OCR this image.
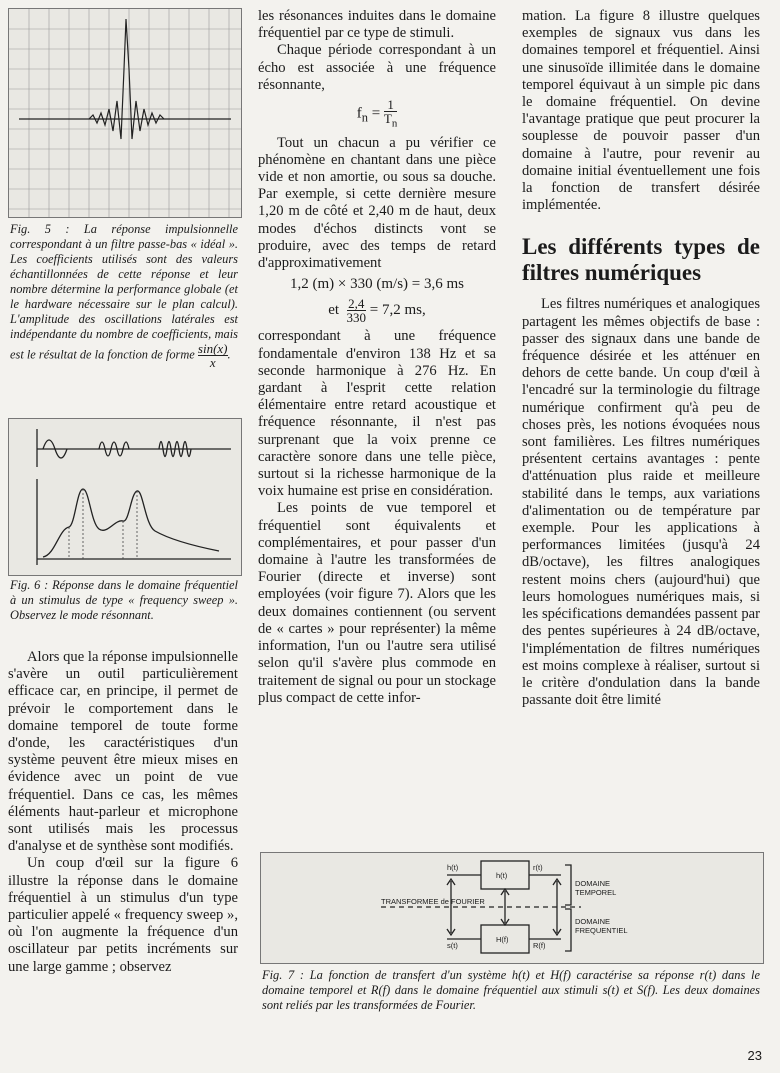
Fig. 5 : La réponse impulsionnelle correspondant à un filtre passe-bas « idéal ». Les coefficients utilisés sont des valeurs échantillonnées de cette réponse et leur nombre détermine la performance globale (et le hardware nécessaire sur le plan calcul). L'amplitude des oscillations latérales est indépendante du nombre de coefficients, mais est le résultat de la fonction de forme $\frac{\sin(x)}{x}$ .
Fig. 6 : Réponse dans le domaine fréquentiel à un stimulus de type « frequency sweep ». Observez le mode résonnant.

Alors que la réponse impulsionnelle s'avère un outil particulièrement efficace car, en principe, il permet de prévoir le comportement dans le domaine temporel de toute forme d'onde, les caractéristiques d'un système peuvent être mieux mises en évidence avec un point de vue fréquentiel. Dans ce cas, les mêmes éléments haut-parleur et microphone sont utilisés mais les processus d'analyse et de synthèse sont modifiés.

Un coup d'œil sur la figure 6 illustre la réponse dans le domaine fréquentiel à un stimulus d'un type particulier appelé « frequency sweep », où l'on augmente la fréquence d'un oscillateur par petits incréments sur une large gamme ; observez

les résonances induites dans le domaine fréquentiel par ce type de stimuli.

Chaque période correspondant à un écho est associée à une fréquence résonnante,

$f_n = \frac{1}{T_n}$

Tout un chacun a pu vérifier ce phénomène en chantant dans une pièce vide et non amortie, ou sous sa douche. Par exemple, si cette dernière mesure 1,20 m de côté et 2,40 m de haut, deux modes d'échos distincts vont se produire, avec des temps de retard d'approximativement

1,2 (m) × 330 (m/s) = 3,6 ms
et $\frac{2,4}{330} = 7,2$ ms,

correspondant à une fréquence fondamentale d'environ 138 Hz et sa seconde harmonique à 276 Hz. En gardant à l'esprit cette relation élémentaire entre retard acoustique et fréquence résonnante, il n'est pas surprenant que la voix prenne ce caractère sonore dans une telle pièce, surtout si la richesse harmonique de la voix humaine est prise en considération.

Les points de vue temporel et fréquentiel sont équivalents et complémentaires, et pour passer d'un domaine à l'autre les transformées de Fourier (directe et inverse) sont employées (voir figure 7). Alors que les deux domaines contiennent (ou servent de « cartes » pour représenter) la même information, l'un ou l'autre sera utilisé selon qu'il s'avère plus commode en traitement de signal ou pour un stockage plus compact de cette infor-

mation. La figure 8 illustre quelques exemples de signaux vus dans les domaines temporel et fréquentiel. Ainsi une sinusoïde illimitée dans le domaine temporel équivaut à un simple pic dans le domaine fréquentiel. On devine l'avantage pratique que peut procurer la souplesse de pouvoir passer d'un domaine à l'autre, pour revenir au domaine initial éventuellement une fois la fonction de transfert désirée implémentée.

Les différents types de filtres numériques

Les filtres numériques et analogiques partagent les mêmes objectifs de base : passer des signaux dans une bande de fréquence désirée et les atténuer en dehors de cette bande. Un coup d'œil à l'encadré sur la terminologie du filtrage numérique confirment qu'à peu de choses près, les notions évoquées nous sont familières. Les filtres numériques présentent certains avantages : pente d'atténuation plus raide et meilleure stabilité dans le temps, aux variations d'alimentation ou de température par exemple. Pour les applications à performances limitées (jusqu'à 24 dB/octave), les filtres analogiques restent moins chers (aujourd'hui) que leurs homologues numériques mais, si les spécifications demandées passent par des pentes supérieures à 24 dB/octave, l'implémentation de filtres numériques est moins complexe à réaliser, surtout si le critère d'ondulation dans la bande passante doit être limité

h(t)	r(t)
h(t)
H(f)
s(t)	R(f)
TRANSFORMEE de FOURIER
DOMAINE TEMPOREL
DOMAINE FREQUENTIEL
Fig. 7 : La fonction de transfert d'un système h(t) et H(f) caractérise sa réponse r(t) dans le domaine temporel et R(f) dans le domaine fréquentiel aux stimuli s(t) et S(f). Les deux domaines sont reliés par les transformées de Fourier.
23
